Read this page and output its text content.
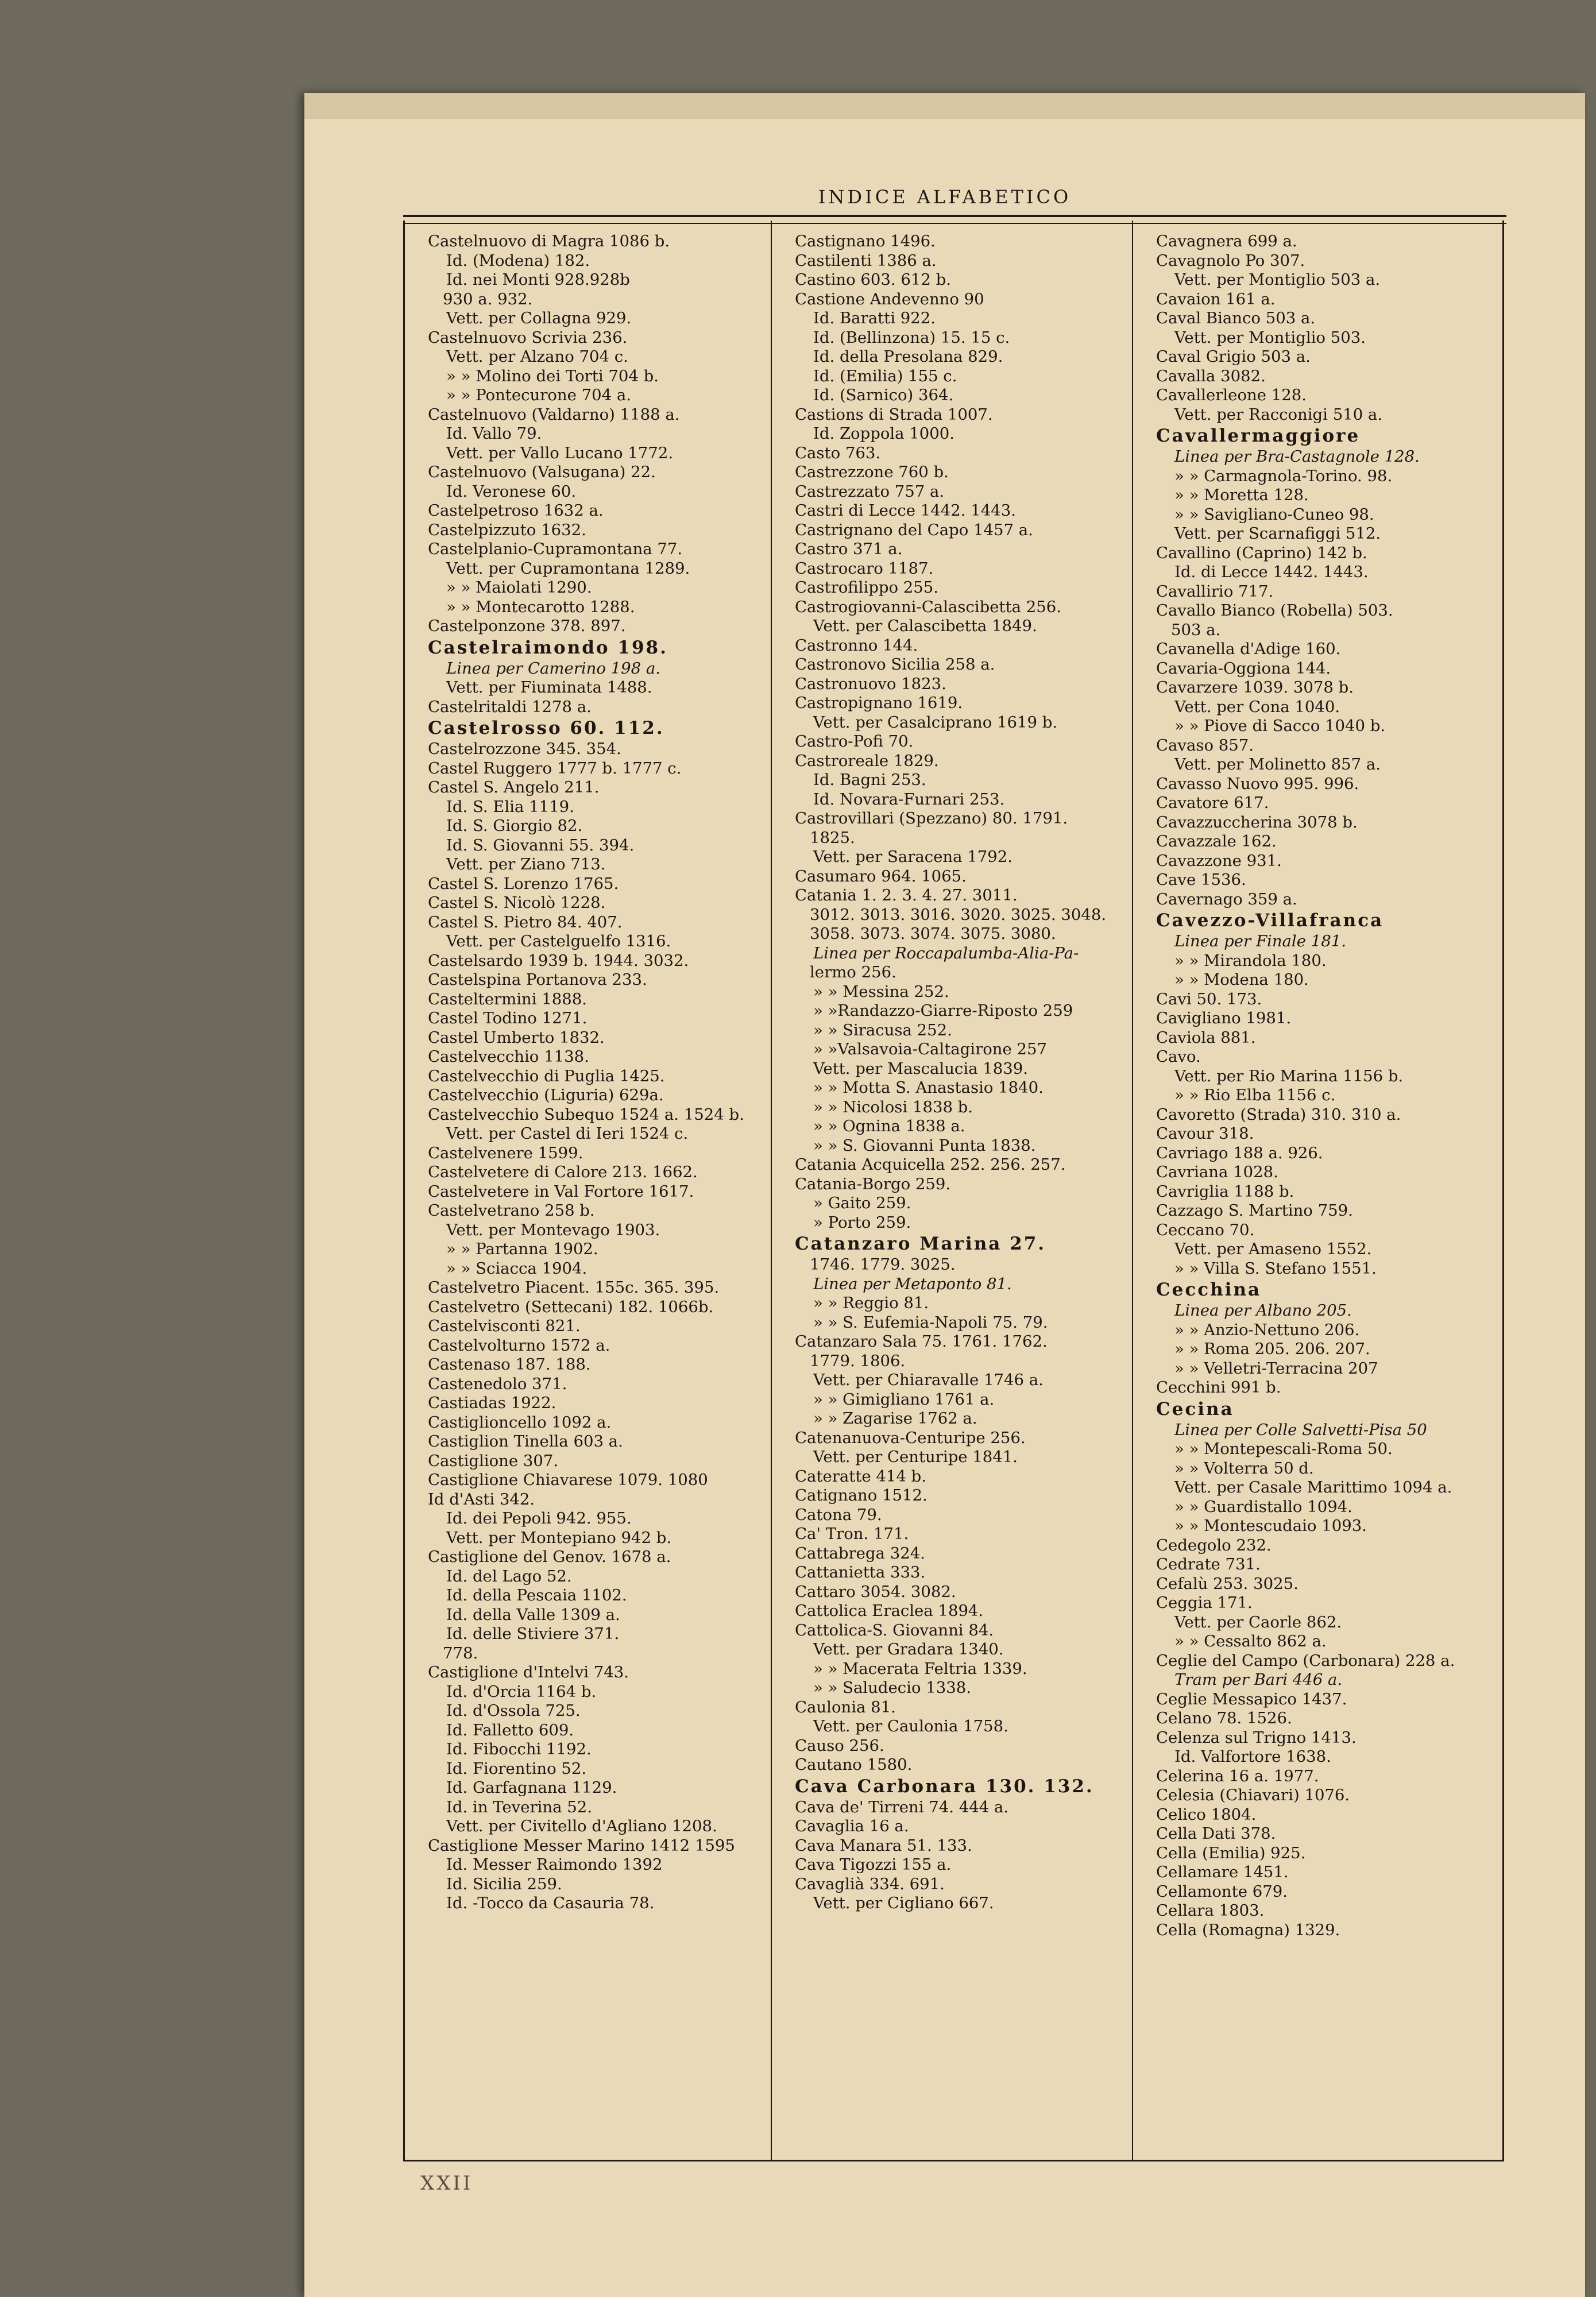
INDICE ALFABETICO
Castelnuovo di Magra 1086 b.
Id. (Modena) 182.
Id. nei Monti 928.928b
930 a. 932.
Vett. per Collagna 929.
Castelnuovo Scrivia 236.
Vett. per Alzano 704 c.
» » Molino dei Torti 704 b.
» » Pontecurone 704 a.
Castelnuovo (Valdarno) 1188 a.
Id. Vallo 79.
Vett. per Vallo Lucano 1772.
Castelnuovo (Valsugana) 22.
Id. Veronese 60.
Castelpetroso 1632 a.
Castelpizzuto 1632.
Castelplanio-Cupramontana 77.
Vett. per Cupramontana 1289.
» » Maiolati 1290.
» » Montecarotto 1288.
Castelponzone 378. 897.
Castelraimondo 198.
Linea per Camerino 198 a.
Vett. per Fiuminata 1488.
Castelritaldi 1278 a.
Castelrosso 60. 112.
Castelrozzone 345. 354.
Castel Ruggero 1777 b. 1777 c.
Castel S. Angelo 211.
Id. S. Elia 1119.
Id. S. Giorgio 82.
Id. S. Giovanni 55. 394.
Vett. per Ziano 713.
Castel S. Lorenzo 1765.
Castel S. Nicolò 1228.
Castel S. Pietro 84. 407.
Vett. per Castelguelfo 1316.
Castelsardo 1939 b. 1944. 3032.
Castelspina Portanova 233.
Casteltermini 1888.
Castel Todino 1271.
Castel Umberto 1832.
Castelvecchio 1138.
Castelvecchio di Puglia 1425.
Castelvecchio (Liguria) 629a.
Castelvecchio Subequo 1524 a. 1524 b.
Vett. per Castel di Ieri 1524 c.
Castelvenere 1599.
Castelvetere di Calore 213. 1662.
Castelvetere in Val Fortore 1617.
Castelvetrano 258 b.
Vett. per Montevago 1903.
» » Partanna 1902.
» » Sciacca 1904.
Castelvetro Piacent. 155c. 365. 395.
Castelvetro (Settecani) 182. 1066b.
Castelvisconti 821.
Castelvolturno 1572 a.
Castenaso 187. 188.
Castenedolo 371.
Castiadas 1922.
Castiglioncello 1092 a.
Castiglion Tinella 603 a.
Castiglione 307.
Castiglione Chiavarese 1079. 1080
Id d'Asti 342.
Id. dei Pepoli 942. 955.
Vett. per Montepiano 942 b.
Castiglione del Genov. 1678 a.
Id. del Lago 52.
Id. della Pescaia 1102.
Id. della Valle 1309 a.
Id. delle Stiviere 371.
778.
Castiglione d'Intelvi 743.
Id. d'Orcia 1164 b.
Id. d'Ossola 725.
Id. Falletto 609.
Id. Fibocchi 1192.
Id. Fiorentino 52.
Id. Garfagnana 1129.
Id. in Teverina 52.
Vett. per Civitello d'Agliano 1208.
Castiglione Messer Marino 1412 1595
Id. Messer Raimondo 1392
Id. Sicilia 259.
Id. -Tocco da Casauria 78.
Castignano 1496.
Castilenti 1386 a.
Castino 603. 612 b.
Castione Andevenno 90
Id. Baratti 922.
Id. (Bellinzona) 15. 15 c.
Id. della Presolana 829.
Id. (Emilia) 155 c.
Id. (Sarnico) 364.
Castions di Strada 1007.
Id. Zoppola 1000.
Casto 763.
Castrezzone 760 b.
Castrezzato 757 a.
Castri di Lecce 1442. 1443.
Castrignano del Capo 1457 a.
Castro 371 a.
Castrocaro 1187.
Castrofilippo 255.
Castrogiovanni-Calascibetta 256.
Vett. per Calascibetta 1849.
Castronno 144.
Castronovo Sicilia 258 a.
Castronuovo 1823.
Castropignano 1619.
Vett. per Casalciprano 1619 b.
Castro-Pofi 70.
Castroreale 1829.
Id. Bagni 253.
Id. Novara-Furnari 253.
Castrovillari (Spezzano) 80. 1791.
1825.
Vett. per Saracena 1792.
Casumaro 964. 1065.
Catania 1. 2. 3. 4. 27. 3011.
3012. 3013. 3016. 3020. 3025. 3048.
3058. 3073. 3074. 3075. 3080.
Linea per Roccapalumba-Alia-Pa-
lermo 256.
» » Messina 252.
» »Randazzo-Giarre-Riposto 259
» » Siracusa 252.
» »Valsavoia-Caltagirone 257
Vett. per Mascalucia 1839.
» » Motta S. Anastasio 1840.
» » Nicolosi 1838 b.
» » Ognina 1838 a.
» » S. Giovanni Punta 1838.
Catania Acquicella 252. 256. 257.
Catania-Borgo 259.
» Gaito 259.
» Porto 259.
Catanzaro Marina 27.
1746. 1779. 3025.
Linea per Metaponto 81.
» » Reggio 81.
» » S. Eufemia-Napoli 75. 79.
Catanzaro Sala 75. 1761. 1762.
1779. 1806.
Vett. per Chiaravalle 1746 a.
» » Gimigliano 1761 a.
» » Zagarise 1762 a.
Catenanuova-Centuripe 256.
Vett. per Centuripe 1841.
Cateratte 414 b.
Catignano 1512.
Catona 79.
Ca' Tron. 171.
Cattabrega 324.
Cattanietta 333.
Cattaro 3054. 3082.
Cattolica Eraclea 1894.
Cattolica-S. Giovanni 84.
Vett. per Gradara 1340.
» » Macerata Feltria 1339.
» » Saludecio 1338.
Caulonia 81.
Vett. per Caulonia 1758.
Causo 256.
Cautano 1580.
Cava Carbonara 130. 132.
Cava de' Tirreni 74. 444 a.
Cavaglia 16 a.
Cava Manara 51. 133.
Cava Tigozzi 155 a.
Cavaglià 334. 691.
Vett. per Cigliano 667.
Cavagnera 699 a.
Cavagnolo Po 307.
Vett. per Montiglio 503 a.
Cavaion 161 a.
Caval Bianco 503 a.
Vett. per Montiglio 503.
Caval Grigio 503 a.
Cavalla 3082.
Cavallerleone 128.
Vett. per Racconigi 510 a.
Cavallermaggiore
Linea per Bra-Castagnole 128.
» » Carmagnola-Torino. 98.
» » Moretta 128.
» » Savigliano-Cuneo 98.
Vett. per Scarnafiggi 512.
Cavallino (Caprino) 142 b.
Id. di Lecce 1442. 1443.
Cavallirio 717.
Cavallo Bianco (Robella) 503.
503 a.
Cavanella d'Adige 160.
Cavaria-Oggiona 144.
Cavarzere 1039. 3078 b.
Vett. per Cona 1040.
» » Piove di Sacco 1040 b.
Cavaso 857.
Vett. per Molinetto 857 a.
Cavasso Nuovo 995. 996.
Cavatore 617.
Cavazzuccherina 3078 b.
Cavazzale 162.
Cavazzone 931.
Cave 1536.
Cavernago 359 a.
Cavezzo-Villafranca
Linea per Finale 181.
» » Mirandola 180.
» » Modena 180.
Cavi 50. 173.
Cavigliano 1981.
Caviola 881.
Cavo.
Vett. per Rio Marina 1156 b.
» » Rio Elba 1156 c.
Cavoretto (Strada) 310. 310 a.
Cavour 318.
Cavriago 188 a. 926.
Cavriana 1028.
Cavriglia 1188 b.
Cazzago S. Martino 759.
Ceccano 70.
Vett. per Amaseno 1552.
» » Villa S. Stefano 1551.
Cecchina
Linea per Albano 205.
» » Anzio-Nettuno 206.
» » Roma 205. 206. 207.
» » Velletri-Terracina 207
Cecchini 991 b.
Cecina
Linea per Colle Salvetti-Pisa 50
» » Montepescali-Roma 50.
» » Volterra 50 d.
Vett. per Casale Marittimo 1094 a.
» » Guardistallo 1094.
» » Montescudaio 1093.
Cedegolo 232.
Cedrate 731.
Cefalù 253. 3025.
Ceggia 171.
Vett. per Caorle 862.
» » Cessalto 862 a.
Ceglie del Campo (Carbonara) 228 a.
Tram per Bari 446 a.
Ceglie Messapico 1437.
Celano 78. 1526.
Celenza sul Trigno 1413.
Id. Valfortore 1638.
Celerina 16 a. 1977.
Celesia (Chiavari) 1076.
Celico 1804.
Cella Dati 378.
Cella (Emilia) 925.
Cellamare 1451.
Cellamonte 679.
Cellara 1803.
Cella (Romagna) 1329.
XXII
